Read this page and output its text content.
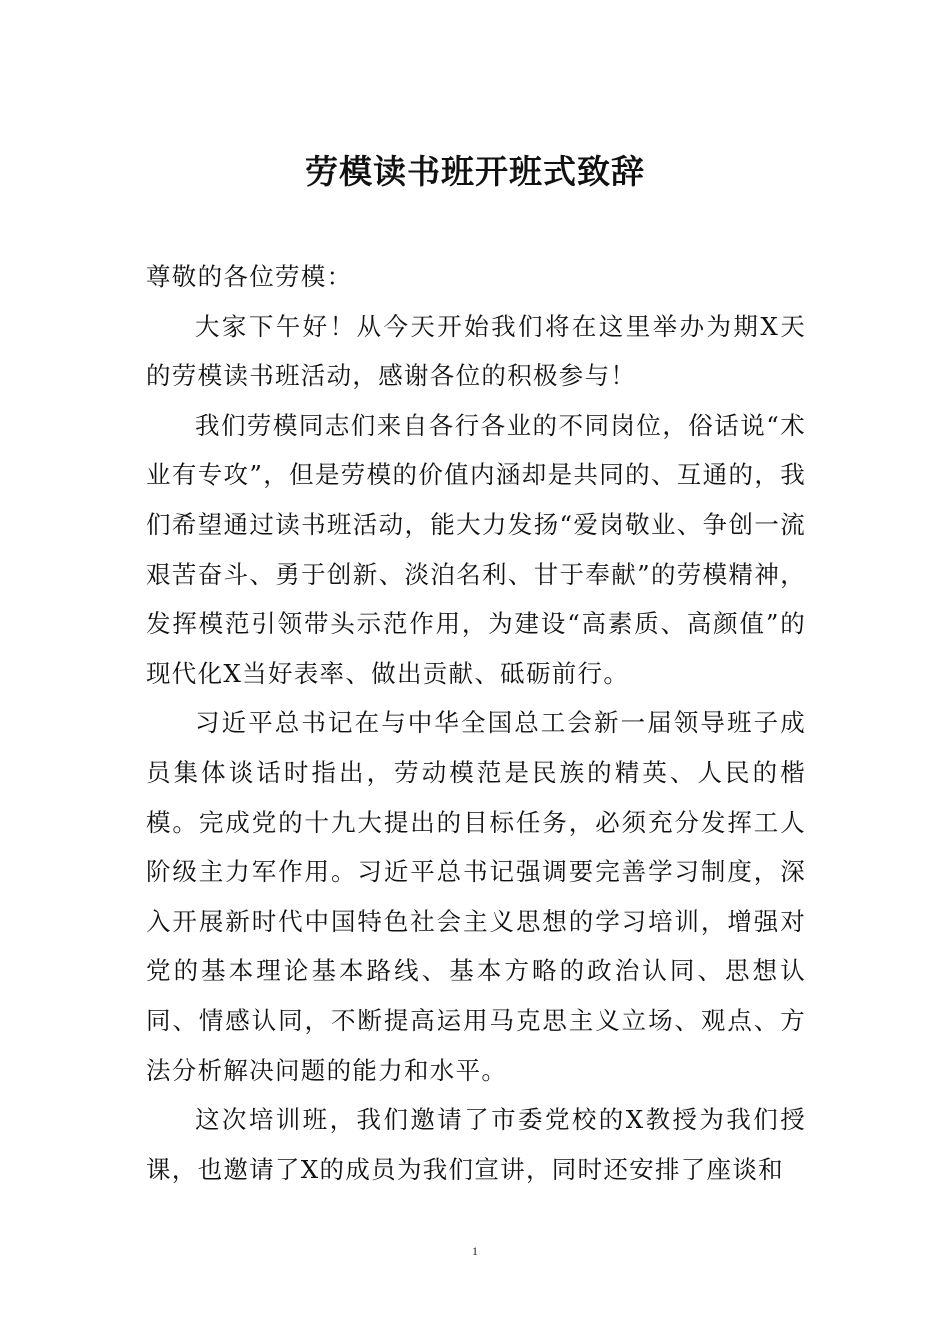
劳模读书班开班式致辞

尊敬的各位劳模：

大家下午好！从今天开始我们将在这里举办为期X天的劳模读书班活动，感谢各位的积极参与！

我们劳模同志们来自各行各业的不同岗位，俗话说“术业有专攻”，但是劳模的价值内涵却是共同的、互通的，我们希望通过读书班活动，能大力发扬“爱岗敬业、争创一流艰苦奋斗、勇于创新、淡泊名利、甘于奉献”的劳模精神，发挥模范引领带头示范作用，为建设“高素质、高颜值”的现代化X当好表率、做出贡献、砥砺前行。

习近平总书记在与中华全国总工会新一届领导班子成员集体谈话时指出，劳动模范是民族的精英、人民的楷模。完成党的十九大提出的目标任务，必须充分发挥工人阶级主力军作用。习近平总书记强调要完善学习制度，深入开展新时代中国特色社会主义思想的学习培训，增强对党的基本理论基本路线、基本方略的政治认同、思想认同、情感认同，不断提高运用马克思主义立场、观点、方法分析解决问题的能力和水平。

这次培训班，我们邀请了市委党校的X教授为我们授课，也邀请了X的成员为我们宣讲，同时还安排了座谈和

1
